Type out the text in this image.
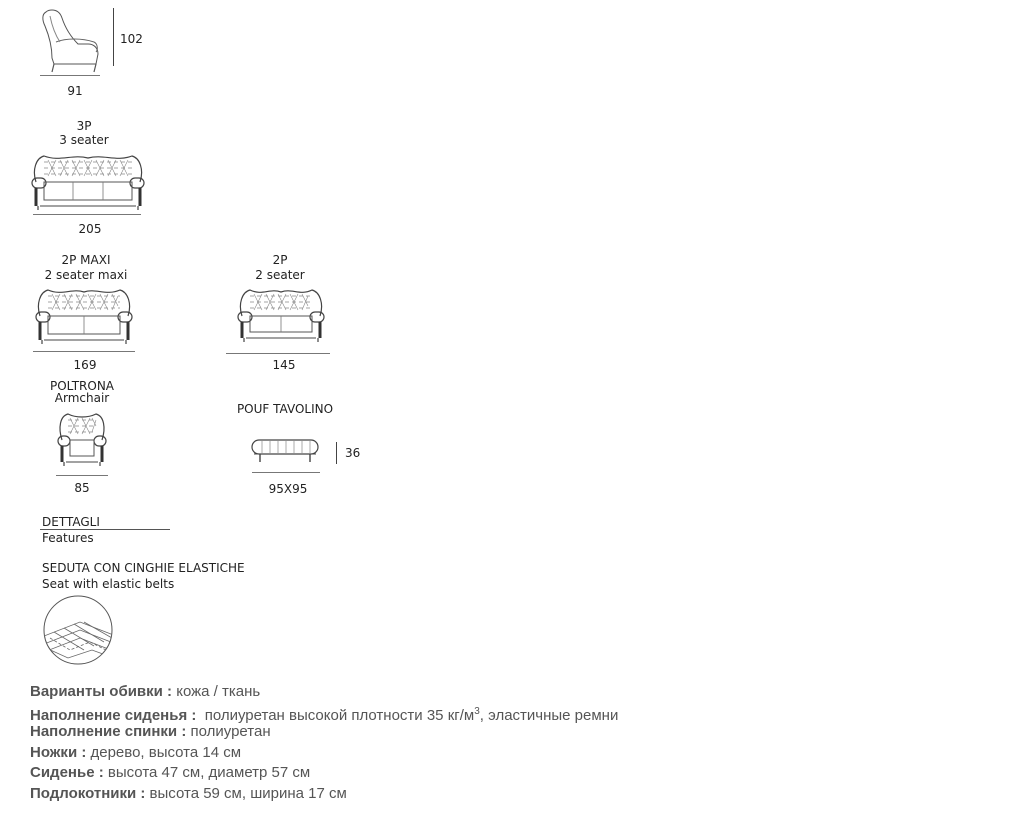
91
102
3P
3 seater
205
2P MAXI
2 seater maxi
169
2P
2 seater
145
POLTRONA
Armchair
85
POUF TAVOLINO
36
95X95
DETTAGLI
Features
SEDUTA CON CINGHIE ELASTICHE
Seat with elastic belts
Варианты обивки : кожа / ткань
Наполнение сиденья :  полиуретан высокой плотности 35 $кг/м^3$, эластичные ремни
Наполнение спинки : полиуретан
Ножки : дерево, высота 14 см
Сиденье : высота 47 см, диаметр 57 см
Подлокотники : высота 59 см, ширина 17 см
